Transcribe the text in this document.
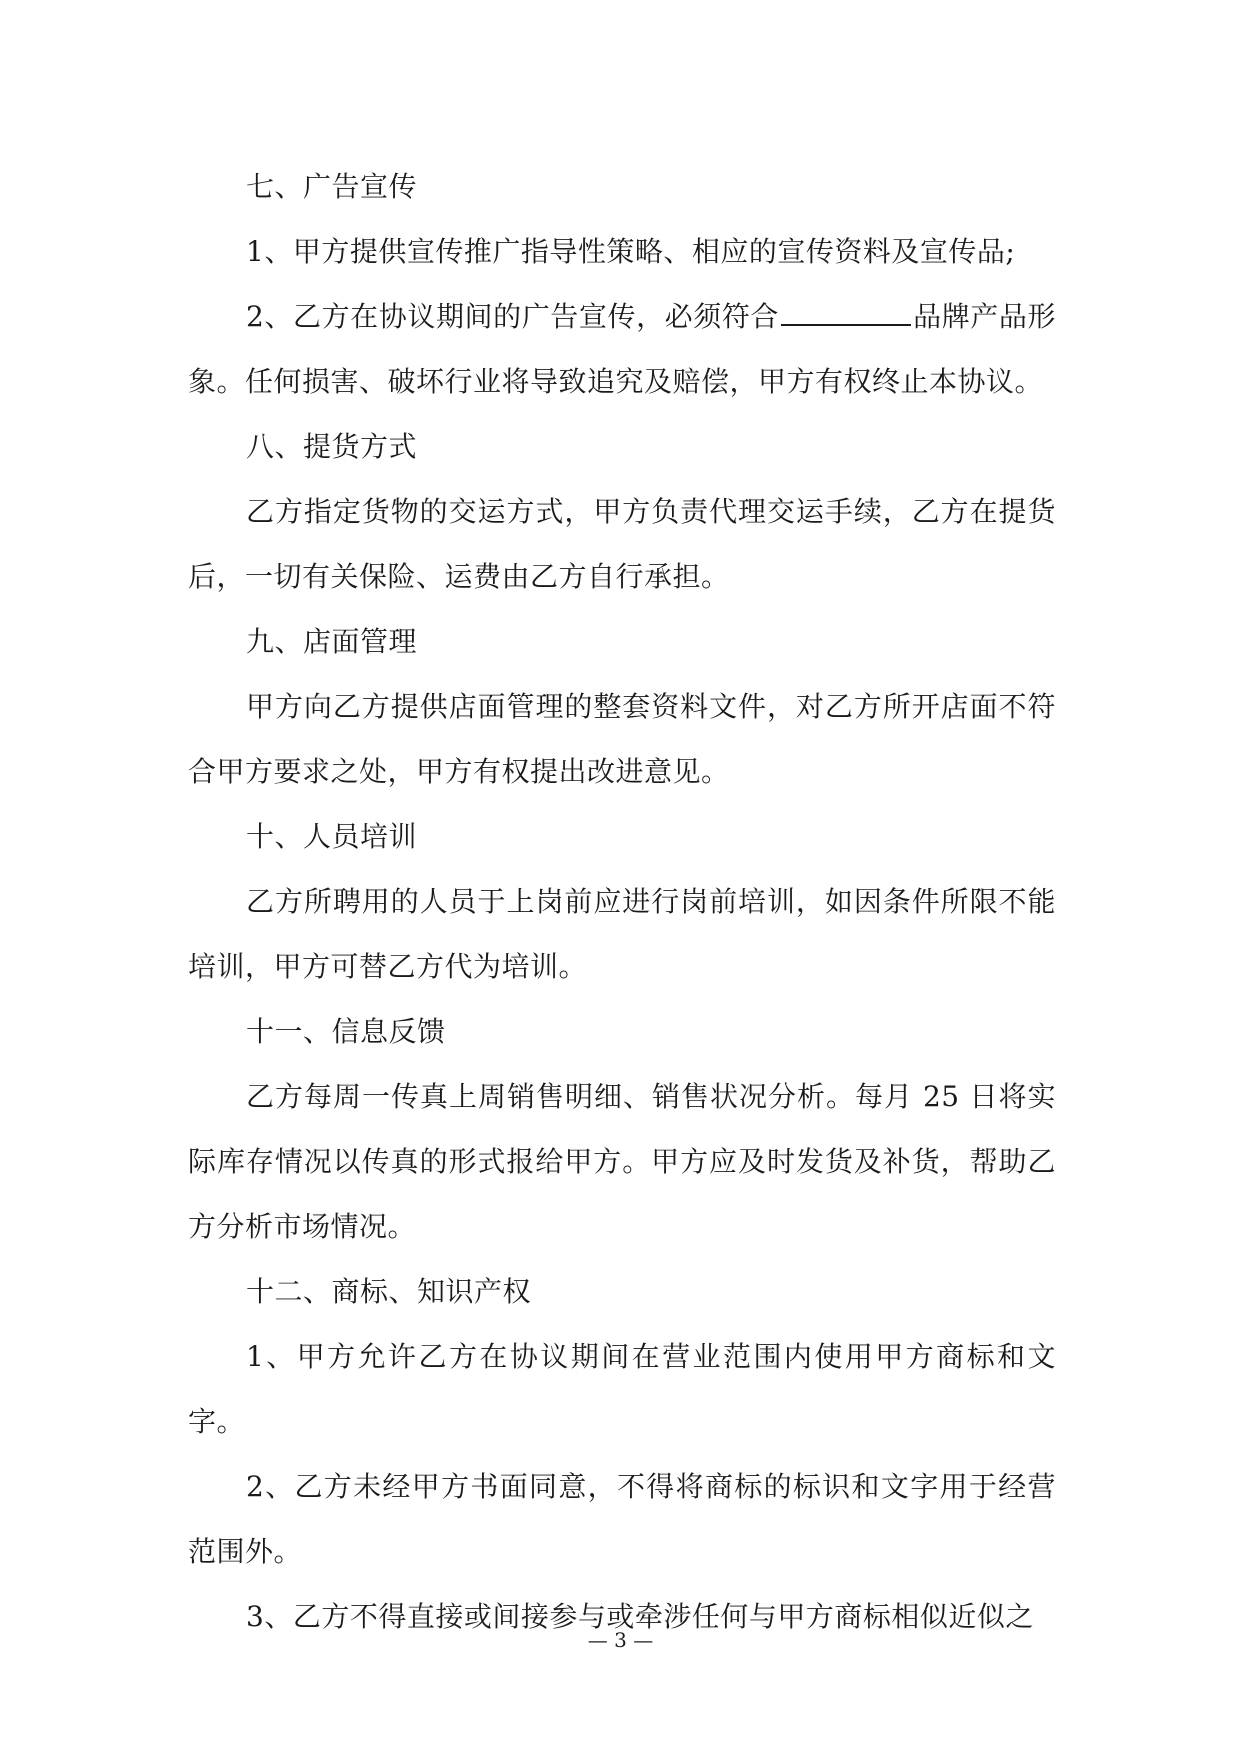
七、广告宣传

1、甲方提供宣传推广指导性策略、相应的宣传资料及宣传品;

2、乙方在协议期间的广告宣传，必须符合	品牌产品形象。任何损害、破坏行业将导致追究及赔偿，甲方有权终止本协议。

八、提货方式

乙方指定货物的交运方式，甲方负责代理交运手续，乙方在提货后，一切有关保险、运费由乙方自行承担。

九、店面管理

甲方向乙方提供店面管理的整套资料文件，对乙方所开店面不符合甲方要求之处，甲方有权提出改进意见。

十、人员培训

乙方所聘用的人员于上岗前应进行岗前培训，如因条件所限不能培训，甲方可替乙方代为培训。

十一、信息反馈

乙方每周一传真上周销售明细、销售状况分析。每月 25 日将实际库存情况以传真的形式报给甲方。甲方应及时发货及补货，帮助乙方分析市场情况。

十二、商标、知识产权

1、甲方允许乙方在协议期间在营业范围内使用甲方商标和文字。

2、乙方未经甲方书面同意，不得将商标的标识和文字用于经营范围外。

3、乙方不得直接或间接参与或牵涉任何与甲方商标相似近似之

— 3 —
